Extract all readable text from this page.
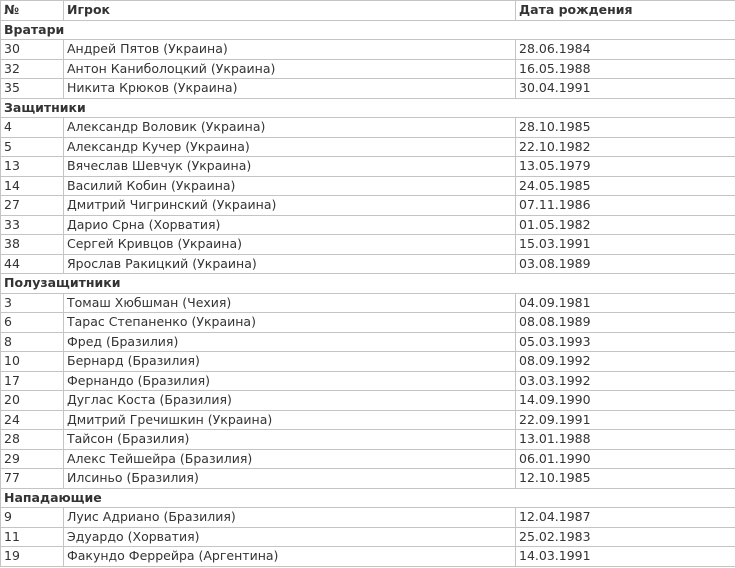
№	Игрок	Дата рождения
Вратари		
30	Андрей Пятов (Украина)	28.06.1984
32	Антон Каниболоцкий (Украина)	16.05.1988
35	Никита Крюков (Украина)	30.04.1991
Защитники		
4	Александр Воловик (Украина)	28.10.1985
5	Александр Кучер (Украина)	22.10.1982
13	Вячеслав Шевчук (Украина)	13.05.1979
14	Василий Кобин (Украина)	24.05.1985
27	Дмитрий Чигринский (Украина)	07.11.1986
33	Дарио Срна (Хорватия)	01.05.1982
38	Сергей Кривцов (Украина)	15.03.1991
44	Ярослав Ракицкий (Украина)	03.08.1989
Полузащитники		
3	Томаш Хюбшман (Чехия)	04.09.1981
6	Тарас Степаненко (Украина)	08.08.1989
8	Фред (Бразилия)	05.03.1993
10	Бернард (Бразилия)	08.09.1992
17	Фернандо (Бразилия)	03.03.1992
20	Дуглас Коста (Бразилия)	14.09.1990
24	Дмитрий Гречишкин (Украина)	22.09.1991
28	Тайсон (Бразилия)	13.01.1988
29	Алекс Тейшейра (Бразилия)	06.01.1990
77	Илсиньо (Бразилия)	12.10.1985
Нападающие		
9	Луис Адриано (Бразилия)	12.04.1987
11	Эдуардо (Хорватия)	25.02.1983
19	Факундо Феррейра (Аргентина)	14.03.1991
